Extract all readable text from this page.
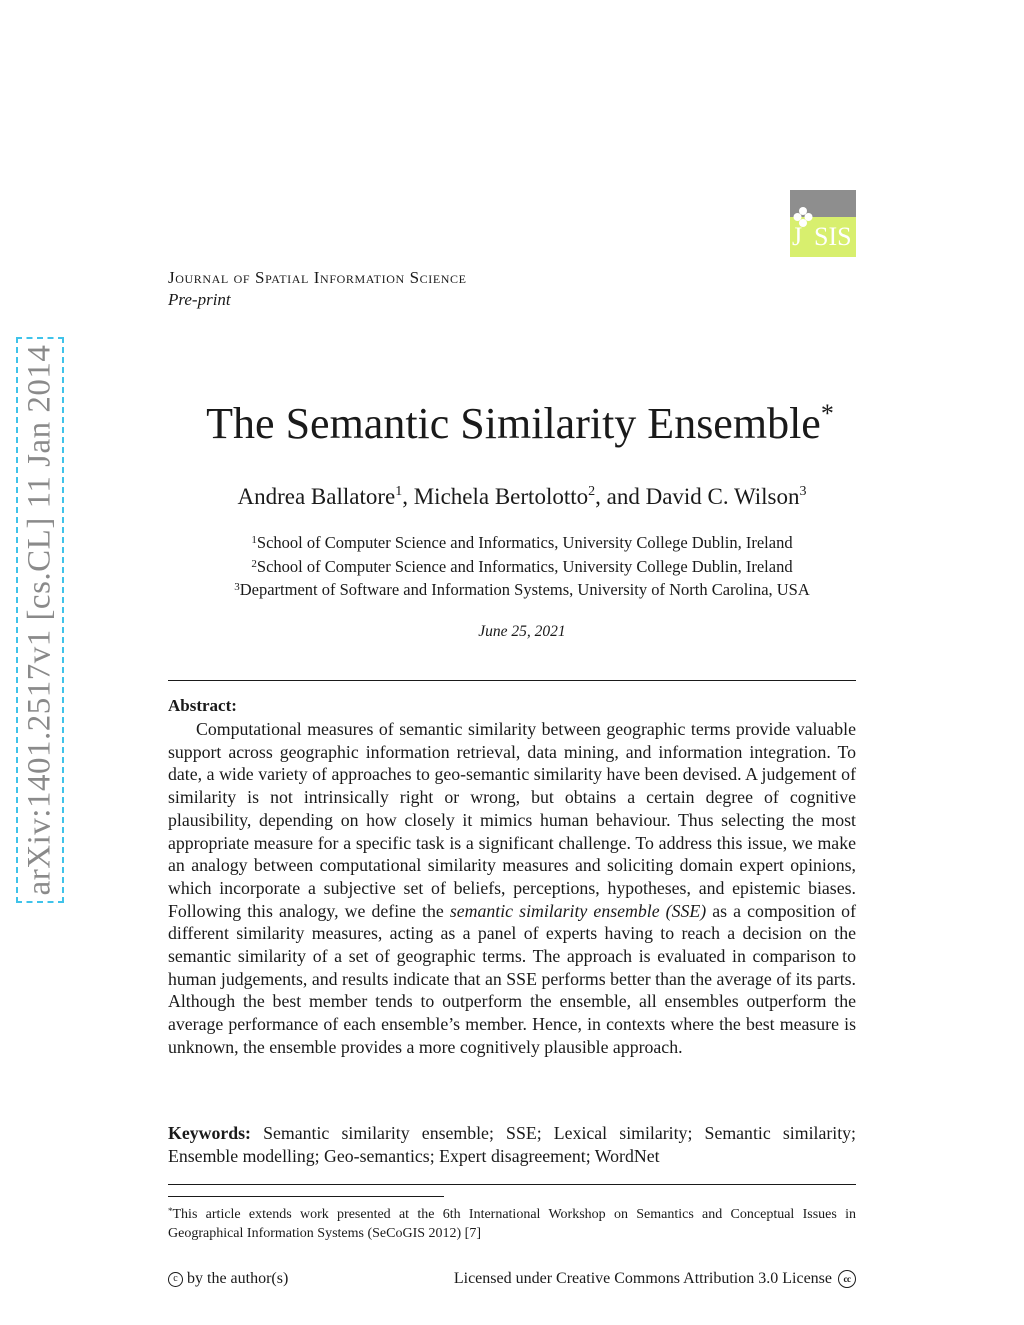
arXiv:1401.2517v1 [cs.CL] 11 Jan 2014
J SIS
Journal of Spatial Information Science
Pre-print
The Semantic Similarity Ensemble*
Andrea Ballatore$^1$, Michela Bertolotto$^2$, and David C. Wilson$^3$
$^1$School of Computer Science and Informatics, University College Dublin, Ireland
$^2$School of Computer Science and Informatics, University College Dublin, Ireland
$^3$Department of Software and Information Systems, University of North Carolina, USA
June 25, 2021
Abstract:

Computational measures of semantic similarity between geographic terms provide valuable support across geographic information retrieval, data mining, and information integration. To date, a wide variety of approaches to geo-semantic similarity have been devised. A judgement of similarity is not intrinsically right or wrong, but obtains a certain degree of cognitive plausibility, depending on how closely it mimics human behaviour. Thus selecting the most appropriate measure for a specific task is a significant challenge. To address this issue, we make an analogy between computational similarity measures and soliciting domain expert opinions, which incorporate a subjective set of beliefs, perceptions, hypotheses, and epistemic biases. Following this analogy, we define the semantic similarity ensemble (SSE) as a composition of different similarity measures, acting as a panel of experts having to reach a decision on the semantic similarity of a set of geographic terms. The approach is evaluated in comparison to human judgements, and results indicate that an SSE performs better than the average of its parts. Although the best member tends to outperform the ensemble, all ensembles outperform the average performance of each ensemble’s member. Hence, in contexts where the best measure is unknown, the ensemble provides a more cognitively plausible approach.

Keywords: Semantic similarity ensemble; SSE; Lexical similarity; Semantic similarity; Ensemble modelling; Geo-semantics; Expert disagreement; WordNet

*This article extends work presented at the 6th International Workshop on Semantics and Conceptual Issues in Geographical Information Systems (SeCoGIS 2012) [7]

c by the author(s)	Licensed under Creative Commons Attribution 3.0 License	cc
